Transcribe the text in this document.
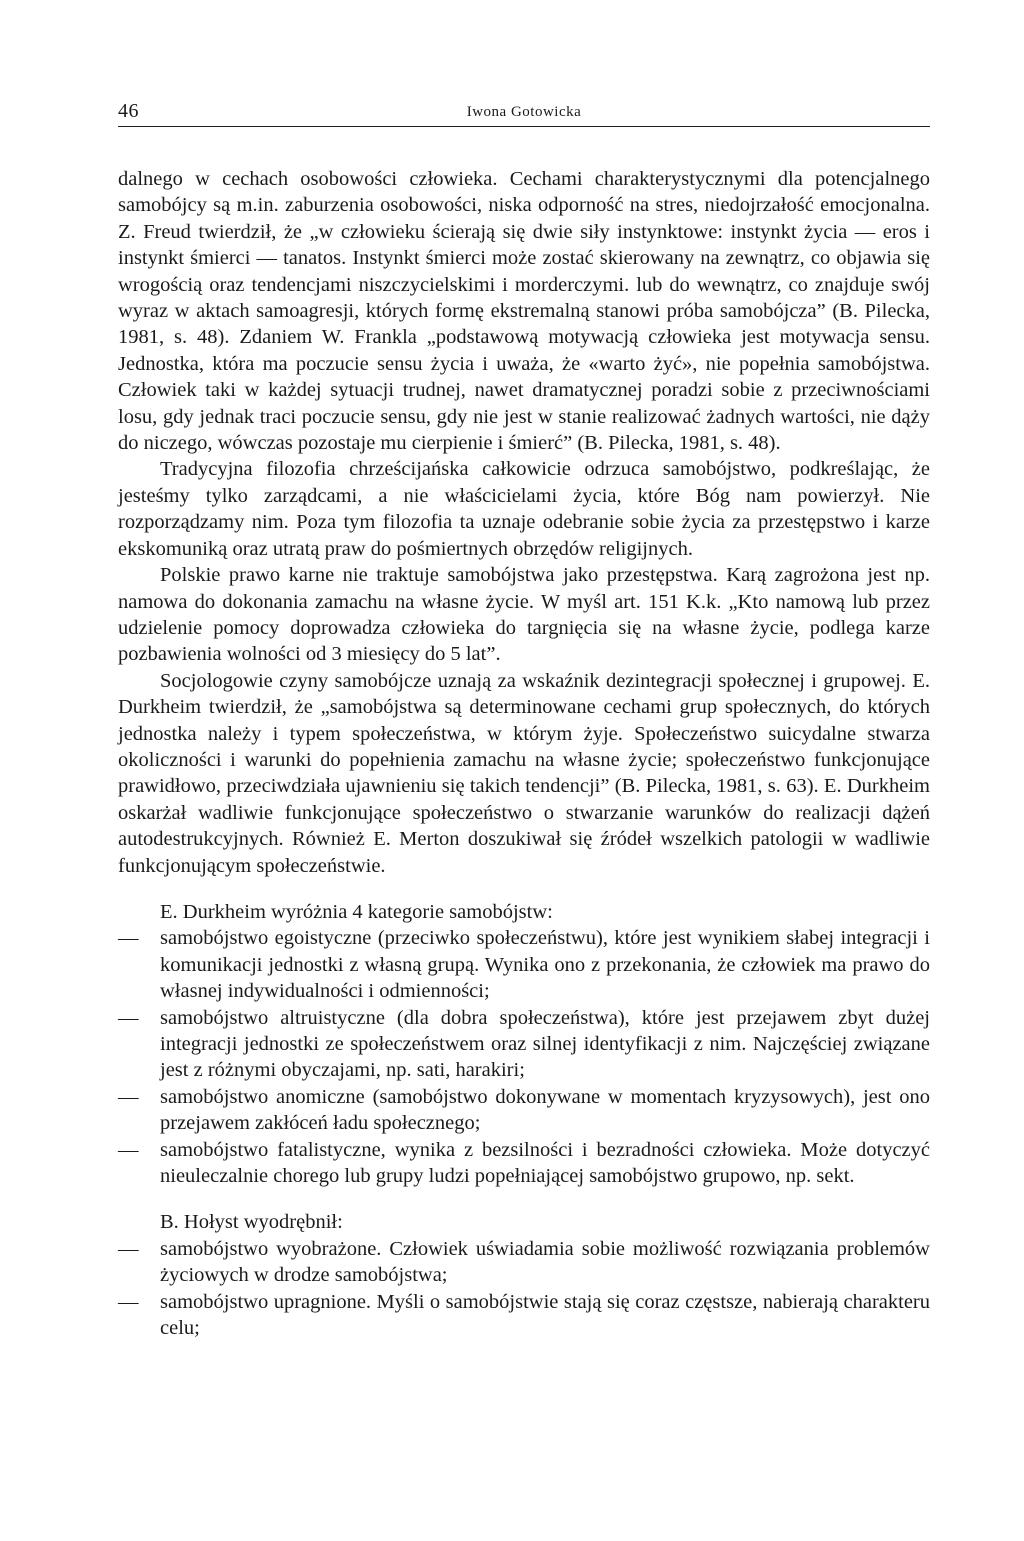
46	Iwona Gotowicka

dalnego w cechach osobowości człowieka. Cechami charakterystycznymi dla potencjalnego samobójcy są m.in. zaburzenia osobowości, niska odporność na stres, niedojrzałość emocjonalna. Z. Freud twierdził, że „w człowieku ścierają się dwie siły instynktowe: instynkt życia — eros i instynkt śmierci — tanatos. Instynkt śmierci może zostać skierowany na zewnątrz, co objawia się wrogością oraz tendencjami niszczycielskimi i morderczymi. lub do wewnątrz, co znajduje swój wyraz w aktach samoagresji, których formę ekstremalną stanowi próba samobójcza” (B. Pilecka, 1981, s. 48). Zdaniem W. Frankla „podstawową motywacją człowieka jest motywacja sensu. Jednostka, która ma poczucie sensu życia i uważa, że «warto żyć», nie popełnia samobójstwa. Człowiek taki w każdej sytuacji trudnej, nawet dramatycznej poradzi sobie z przeciwnościami losu, gdy jednak traci poczucie sensu, gdy nie jest w stanie realizować żadnych wartości, nie dąży do niczego, wówczas pozostaje mu cierpienie i śmierć” (B. Pilecka, 1981, s. 48).

Tradycyjna filozofia chrześcijańska całkowicie odrzuca samobójstwo, podkreślając, że jesteśmy tylko zarządcami, a nie właścicielami życia, które Bóg nam powierzył. Nie rozporządzamy nim. Poza tym filozofia ta uznaje odebranie sobie życia za przestępstwo i karze ekskomuniką oraz utratą praw do pośmiertnych obrzędów religijnych.

Polskie prawo karne nie traktuje samobójstwa jako przestępstwa. Karą zagrożona jest np. namowa do dokonania zamachu na własne życie. W myśl art. 151 K.k. „Kto namową lub przez udzielenie pomocy doprowadza człowieka do targnięcia się na własne życie, podlega karze pozbawienia wolności od 3 miesięcy do 5 lat”.

Socjologowie czyny samobójcze uznają za wskaźnik dezintegracji społecznej i grupowej. E. Durkheim twierdził, że „samobójstwa są determinowane cechami grup społecznych, do których jednostka należy i typem społeczeństwa, w którym żyje. Społeczeństwo suicydalne stwarza okoliczności i warunki do popełnienia zamachu na własne życie; społeczeństwo funkcjonujące prawidłowo, przeciwdziała ujawnieniu się takich tendencji” (B. Pilecka, 1981, s. 63). E. Durkheim oskarżał wadliwie funkcjonujące społeczeństwo o stwarzanie warunków do realizacji dążeń autodestrukcyjnych. Również E. Merton doszukiwał się źródeł wszelkich patologii w wadliwie funkcjonującym społeczeństwie.

E. Durkheim wyróżnia 4 kategorie samobójstw:

— samobójstwo egoistyczne (przeciwko społeczeństwu), które jest wynikiem słabej integracji i komunikacji jednostki z własną grupą. Wynika ono z przekonania, że człowiek ma prawo do własnej indywidualności i odmienności;
— samobójstwo altruistyczne (dla dobra społeczeństwa), które jest przejawem zbyt dużej integracji jednostki ze społeczeństwem oraz silnej identyfikacji z nim. Najczęściej związane jest z różnymi obyczajami, np. sati, harakiri;
— samobójstwo anomiczne (samobójstwo dokonywane w momentach kryzysowych), jest ono przejawem zakłóceń ładu społecznego;
— samobójstwo fatalistyczne, wynika z bezsilności i bezradności człowieka. Może dotyczyć nieuleczalnie chorego lub grupy ludzi popełniającej samobójstwo grupowo, np. sekt.

B. Hołyst wyodrębnił:

— samobójstwo wyobrażone. Człowiek uświadamia sobie możliwość rozwiązania problemów życiowych w drodze samobójstwa;
— samobójstwo upragnione. Myśli o samobójstwie stają się coraz częstsze, nabierają charakteru celu;
